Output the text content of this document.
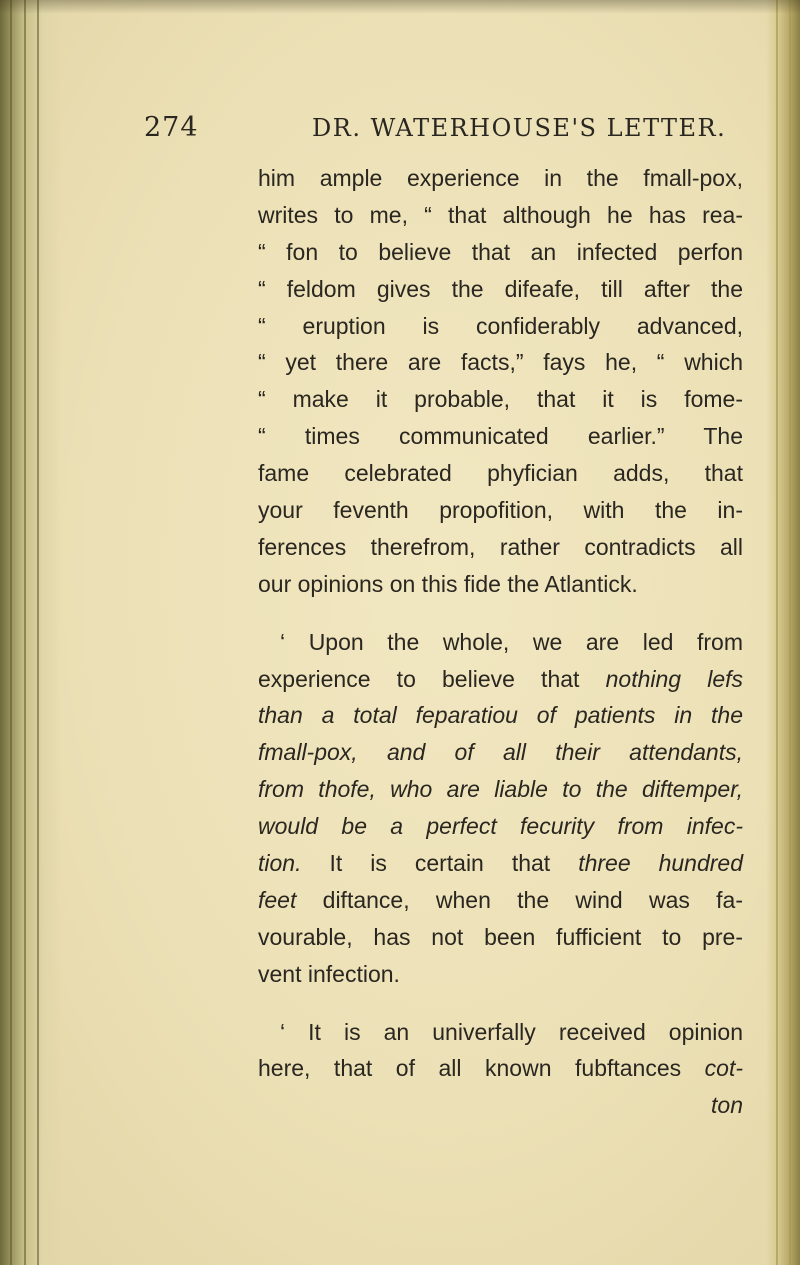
274	DR. WATERHOUSE'S LETTER.
him ample experience in the fmall-pox,
writes to me, “ that although he has rea-
“ fon to believe that an infected perfon
“ feldom gives the difeafe, till after the
“ eruption is confiderably advanced,
“ yet there are facts,” fays he, “ which
“ make it probable, that it is fome-
“ times communicated earlier.” The
fame celebrated phyfician adds, that
your feventh propofition, with the in-
ferences therefrom, rather contradicts all
our opinions on this fide the Atlantick.
‘ Upon the whole, we are led from
experience to believe that nothing lefs
than a total feparatiou of patients in the
fmall-pox, and of all their attendants,
from thofe, who are liable to the diftemper,
would be a perfect fecurity from infec-
tion. It is certain that three hundred
feet diftance, when the wind was fa-
vourable, has not been fufficient to pre-
vent infection.
‘ It is an univerfally received opinion
here, that of all known fubftances cot-
ton
